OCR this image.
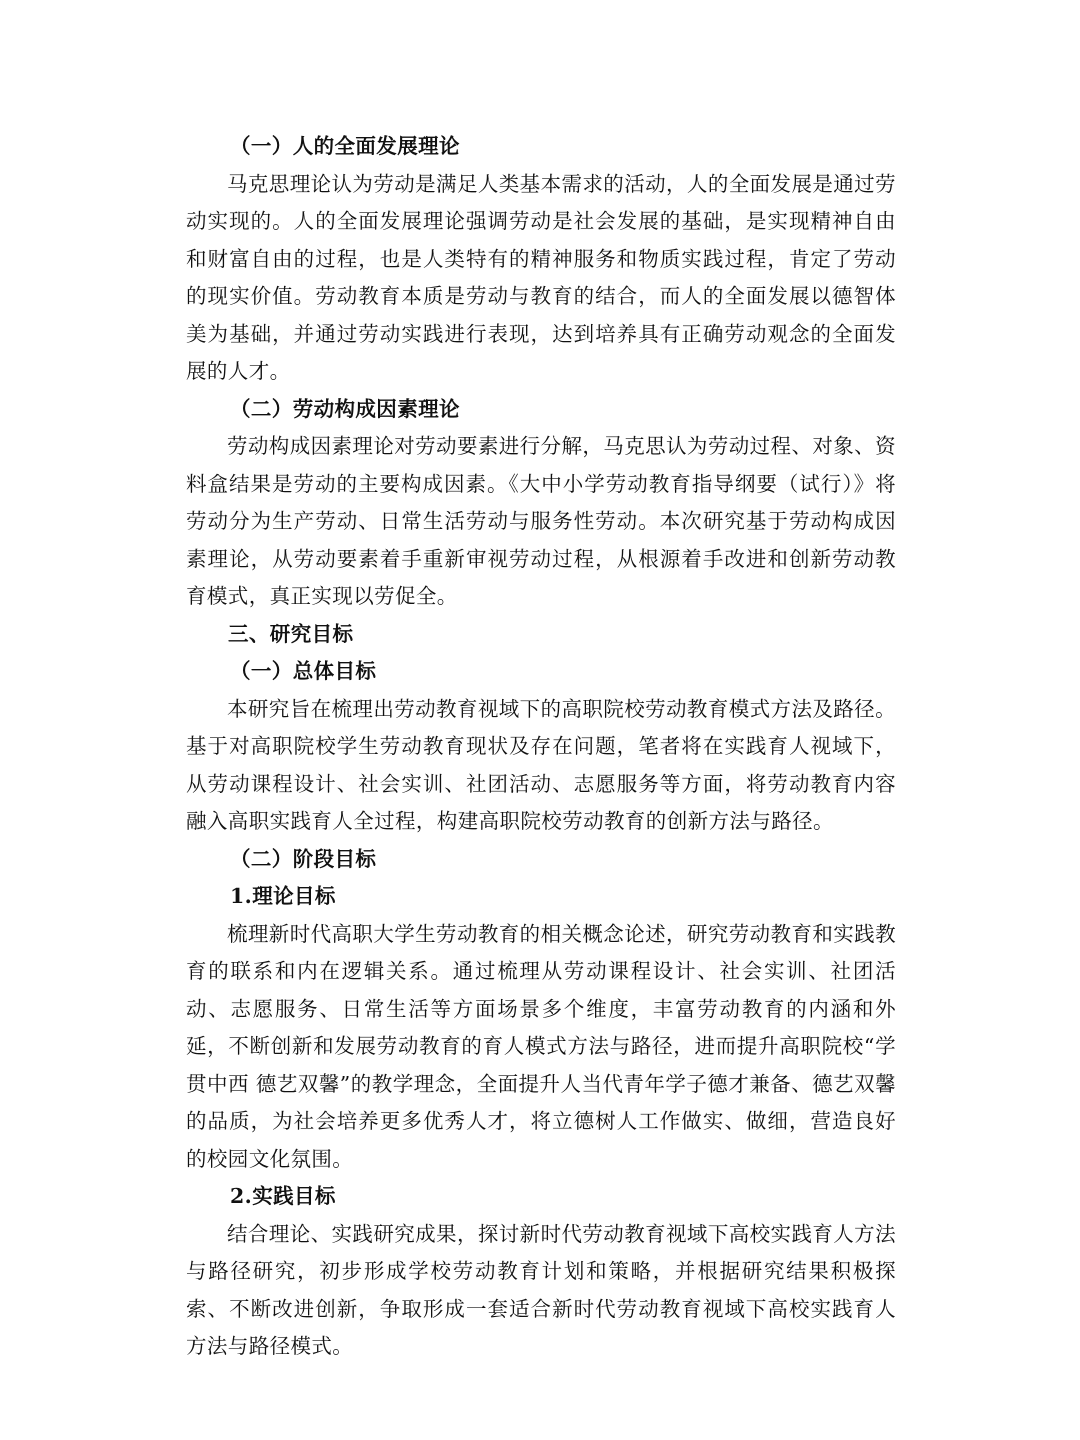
（一）人的全面发展理论

马克思理论认为劳动是满足人类基本需求的活动，人的全面发展是通过劳动实现的。人的全面发展理论强调劳动是社会发展的基础，是实现精神自由和财富自由的过程，也是人类特有的精神服务和物质实践过程，肯定了劳动的现实价值。劳动教育本质是劳动与教育的结合，而人的全面发展以德智体美为基础，并通过劳动实践进行表现，达到培养具有正确劳动观念的全面发展的人才。

（二）劳动构成因素理论

劳动构成因素理论对劳动要素进行分解，马克思认为劳动过程、对象、资料盒结果是劳动的主要构成因素。《大中小学劳动教育指导纲要（试行）》将劳动分为生产劳动、日常生活劳动与服务性劳动。本次研究基于劳动构成因素理论，从劳动要素着手重新审视劳动过程，从根源着手改进和创新劳动教育模式，真正实现以劳促全。

三、研究目标
（一）总体目标

本研究旨在梳理出劳动教育视域下的高职院校劳动教育模式方法及路径。基于对高职院校学生劳动教育现状及存在问题，笔者将在实践育人视域下，从劳动课程设计、社会实训、社团活动、志愿服务等方面，将劳动教育内容融入高职实践育人全过程，构建高职院校劳动教育的创新方法与路径。

（二）阶段目标
1.理论目标

梳理新时代高职大学生劳动教育的相关概念论述，研究劳动教育和实践教育的联系和内在逻辑关系。通过梳理从劳动课程设计、社会实训、社团活动、志愿服务、日常生活等方面场景多个维度，丰富劳动教育的内涵和外延，不断创新和发展劳动教育的育人模式方法与路径，进而提升高职院校“学贯中西 德艺双馨”的教学理念，全面提升人当代青年学子德才兼备、德艺双馨的品质，为社会培养更多优秀人才，将立德树人工作做实、做细，营造良好的校园文化氛围。

2.实践目标

结合理论、实践研究成果，探讨新时代劳动教育视域下高校实践育人方法与路径研究，初步形成学校劳动教育计划和策略，并根据研究结果积极探索、不断改进创新，争取形成一套适合新时代劳动教育视域下高校实践育人方法与路径模式。
